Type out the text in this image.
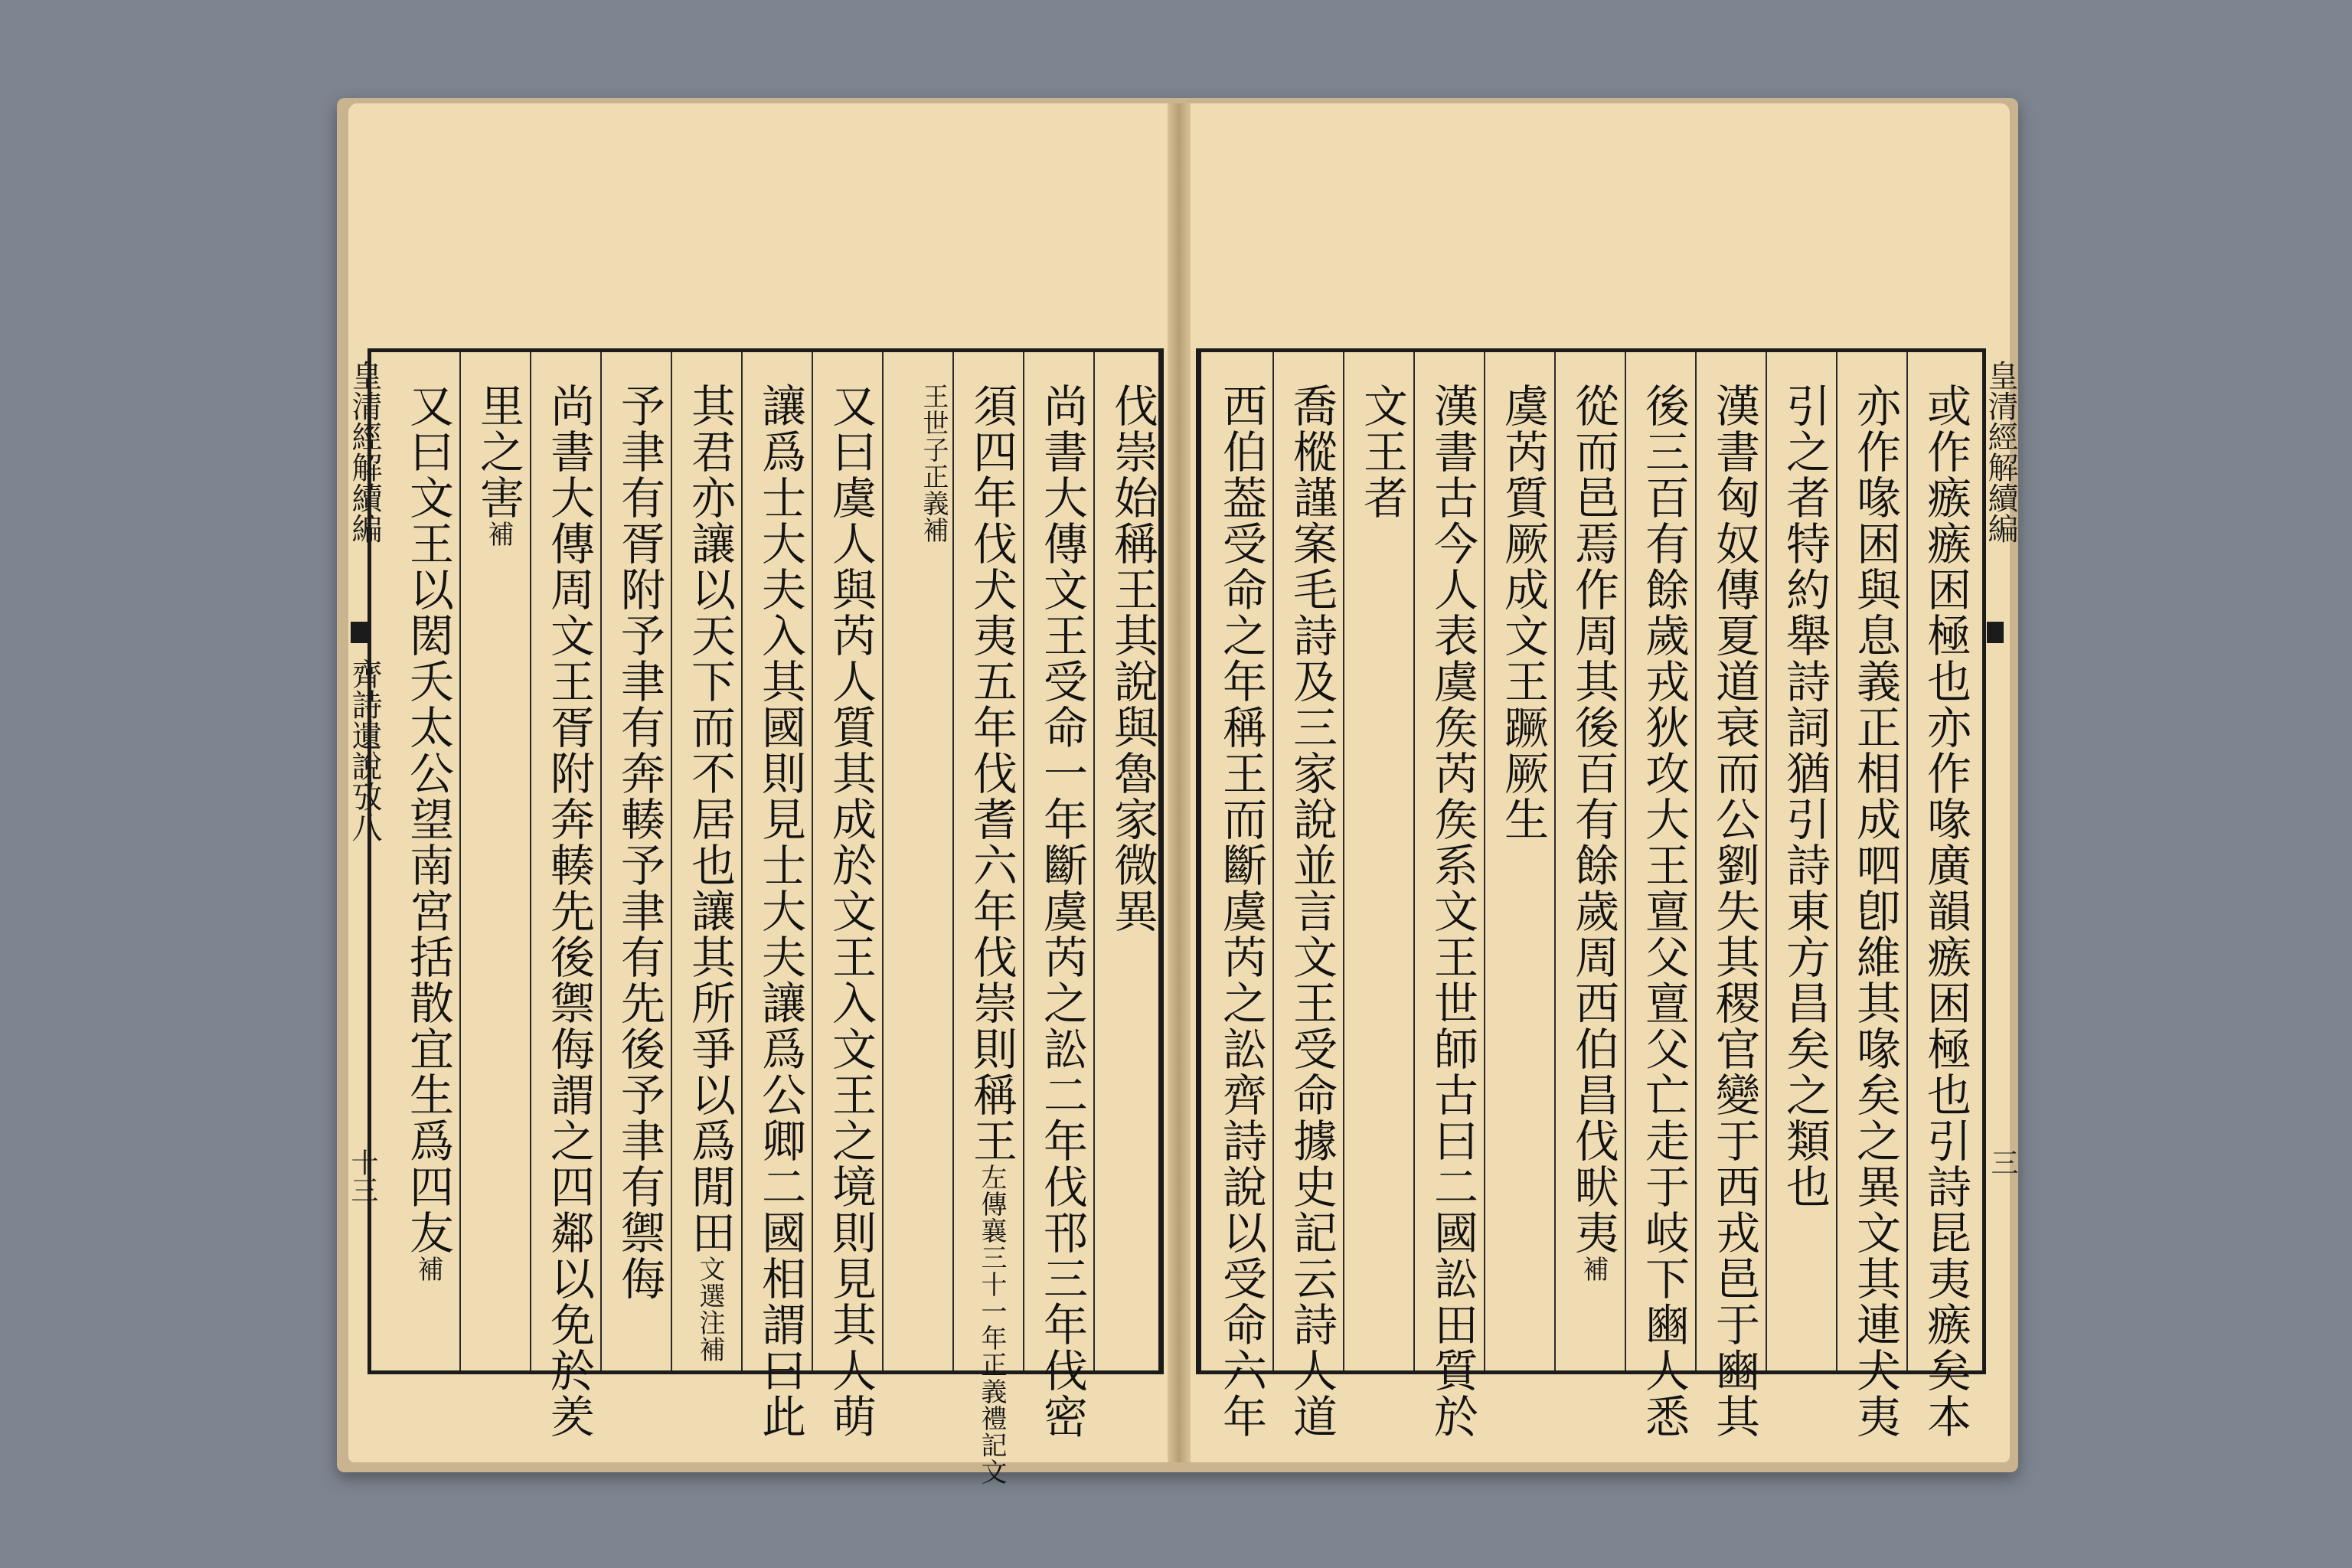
皇清經解續編
齊詩遺說攷八
十三
皇清經解續編
三
伐崇始稱王其說與魯家微異
尚書大傳文王受命一年斷虞芮之訟二年伐邗三年伐密
須四年伐犬夷五年伐耆六年伐崇則稱王左傳襄三十一年正義禮記文
王世子正義補
又曰虞人與芮人質其成於文王入文王之境則見其人萌
讓爲士大夫入其國則見士大夫讓爲公卿二國相謂曰此
其君亦讓以天下而不居也讓其所爭以爲閒田文選注補
予聿有胥附予聿有奔輳予聿有先後予聿有禦侮
尚書大傳周文王胥附奔輳先後禦侮謂之四鄰以免於羑
里之害補
又曰文王以閎夭太公望南宮括散宜生爲四友補	或作瘯瘯困極也亦作喙廣韻瘯困極也引詩昆夷瘯矣本
亦作喙困與息義正相成呬卽維其喙矣之異文其連犬夷
引之者特約舉詩詞猶引詩東方昌矣之類也
漢書匈奴傳夏道衰而公劉失其稷官變于西戎邑于豳其
後三百有餘歲戎狄攻大王亶父亶父亡走于岐下豳人悉
從而邑焉作周其後百有餘歲周西伯昌伐畎夷補
虞芮質厥成文王蹶厥生
漢書古今人表虞矦芮矦系文王世師古曰二國訟田質於
文王者
喬樅謹案毛詩及三家說並言文王受命據史記云詩人道
西伯葢受命之年稱王而斷虞芮之訟齊詩說以受命六年
